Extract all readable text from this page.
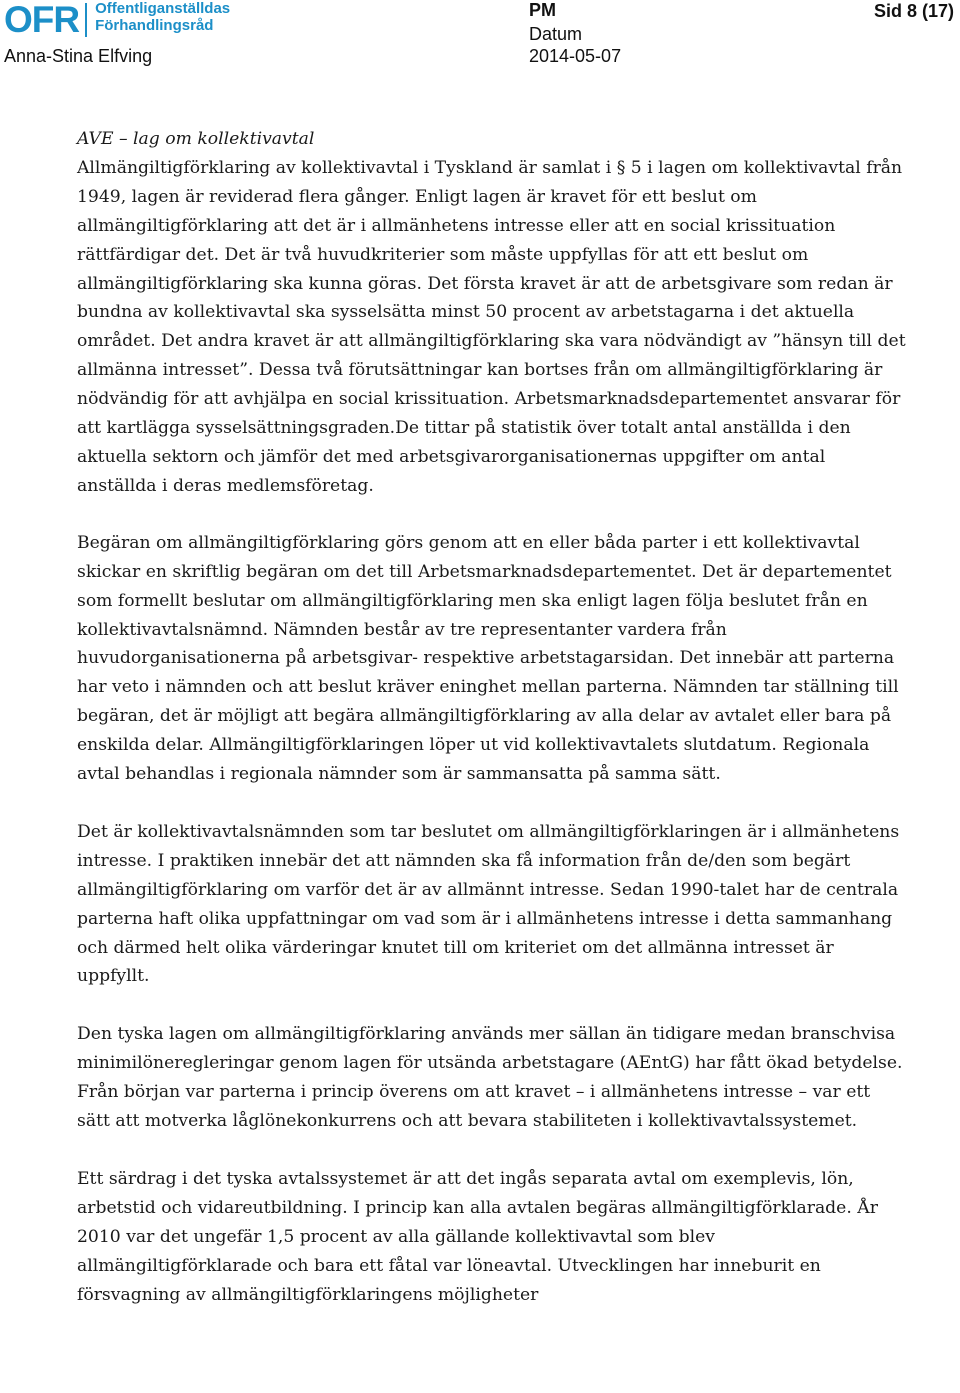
OFR Offentliganställdas
Förhandlingsråd
Anna-Stina Elfving
PM
Datum
2014-05-07
Sid 8 (17)

AVE – lag om kollektivavtal

Allmängiltigförklaring av kollektivavtal i Tyskland är samlat i § 5 i lagen om kollektivavtal från 1949, lagen är reviderad flera gånger. Enligt lagen är kravet för ett beslut om allmängiltigförklaring att det är i allmänhetens intresse eller att en social krissituation rättfärdigar det. Det är två huvudkriterier som måste uppfyllas för att ett beslut om allmängiltigförklaring ska kunna göras. Det första kravet är att de arbetsgivare som redan är bundna av kollektivavtal ska sysselsätta minst 50 procent av arbetstagarna i det aktuella området. Det andra kravet är att allmängiltigförklaring ska vara nödvändigt av ”hänsyn till det allmänna intresset”. Dessa två förutsättningar kan bortses från om allmängiltigförklaring är nödvändig för att avhjälpa en social krissituation. Arbetsmarknadsdepartementet ansvarar för att kartlägga sysselsättningsgraden.De tittar på statistik över totalt antal anställda i den aktuella sektorn och jämför det med arbetsgivarorganisationernas uppgifter om antal anställda i deras medlemsföretag.

Begäran om allmängiltigförklaring görs genom att en eller båda parter i ett kollektivavtal skickar en skriftlig begäran om det till Arbetsmarknadsdepartementet. Det är departementet som formellt beslutar om allmängiltigförklaring men ska enligt lagen följa beslutet från en kollektivavtalsnämnd. Nämnden består av tre representanter vardera från huvudorganisationerna på arbetsgivar- respektive arbetstagarsidan. Det innebär att parterna har veto i nämnden och att beslut kräver eninghet mellan parterna. Nämnden tar ställning till begäran, det är möjligt att begära allmängiltigförklaring av alla delar av avtalet eller bara på enskilda delar. Allmängiltigförklaringen löper ut vid kollektivavtalets slutdatum. Regionala avtal behandlas i regionala nämnder som är sammansatta på samma sätt.

Det är kollektivavtalsnämnden som tar beslutet om allmängiltigförklaringen är i allmänhetens intresse. I praktiken innebär det att nämnden ska få information från de/den som begärt allmängiltigförklaring om varför det är av allmännt intresse. Sedan 1990-talet har de centrala parterna haft olika uppfattningar om vad som är i allmänhetens intresse i detta sammanhang och därmed helt olika värderingar knutet till om kriteriet om det allmänna intresset är uppfyllt.

Den tyska lagen om allmängiltigförklaring används mer sällan än tidigare medan branschvisa minimilöneregleringar genom lagen för utsända arbetstagare (AEntG) har fått ökad betydelse. Från början var parterna i princip överens om att kravet – i allmänhetens intresse – var ett sätt att motverka låglönekonkurrens och att bevara stabiliteten i kollektivavtalssystemet.

Ett särdrag i det tyska avtalssystemet är att det ingås separata avtal om exemplevis, lön, arbetstid och vidareutbildning. I princip kan alla avtalen begäras allmängiltigförklarade. År 2010 var det ungefär 1,5 procent av alla gällande kollektivavtal som blev allmängiltigförklarade och bara ett fåtal var löneavtal. Utvecklingen har inneburit en försvagning av allmängiltigförklaringens möjligheter
